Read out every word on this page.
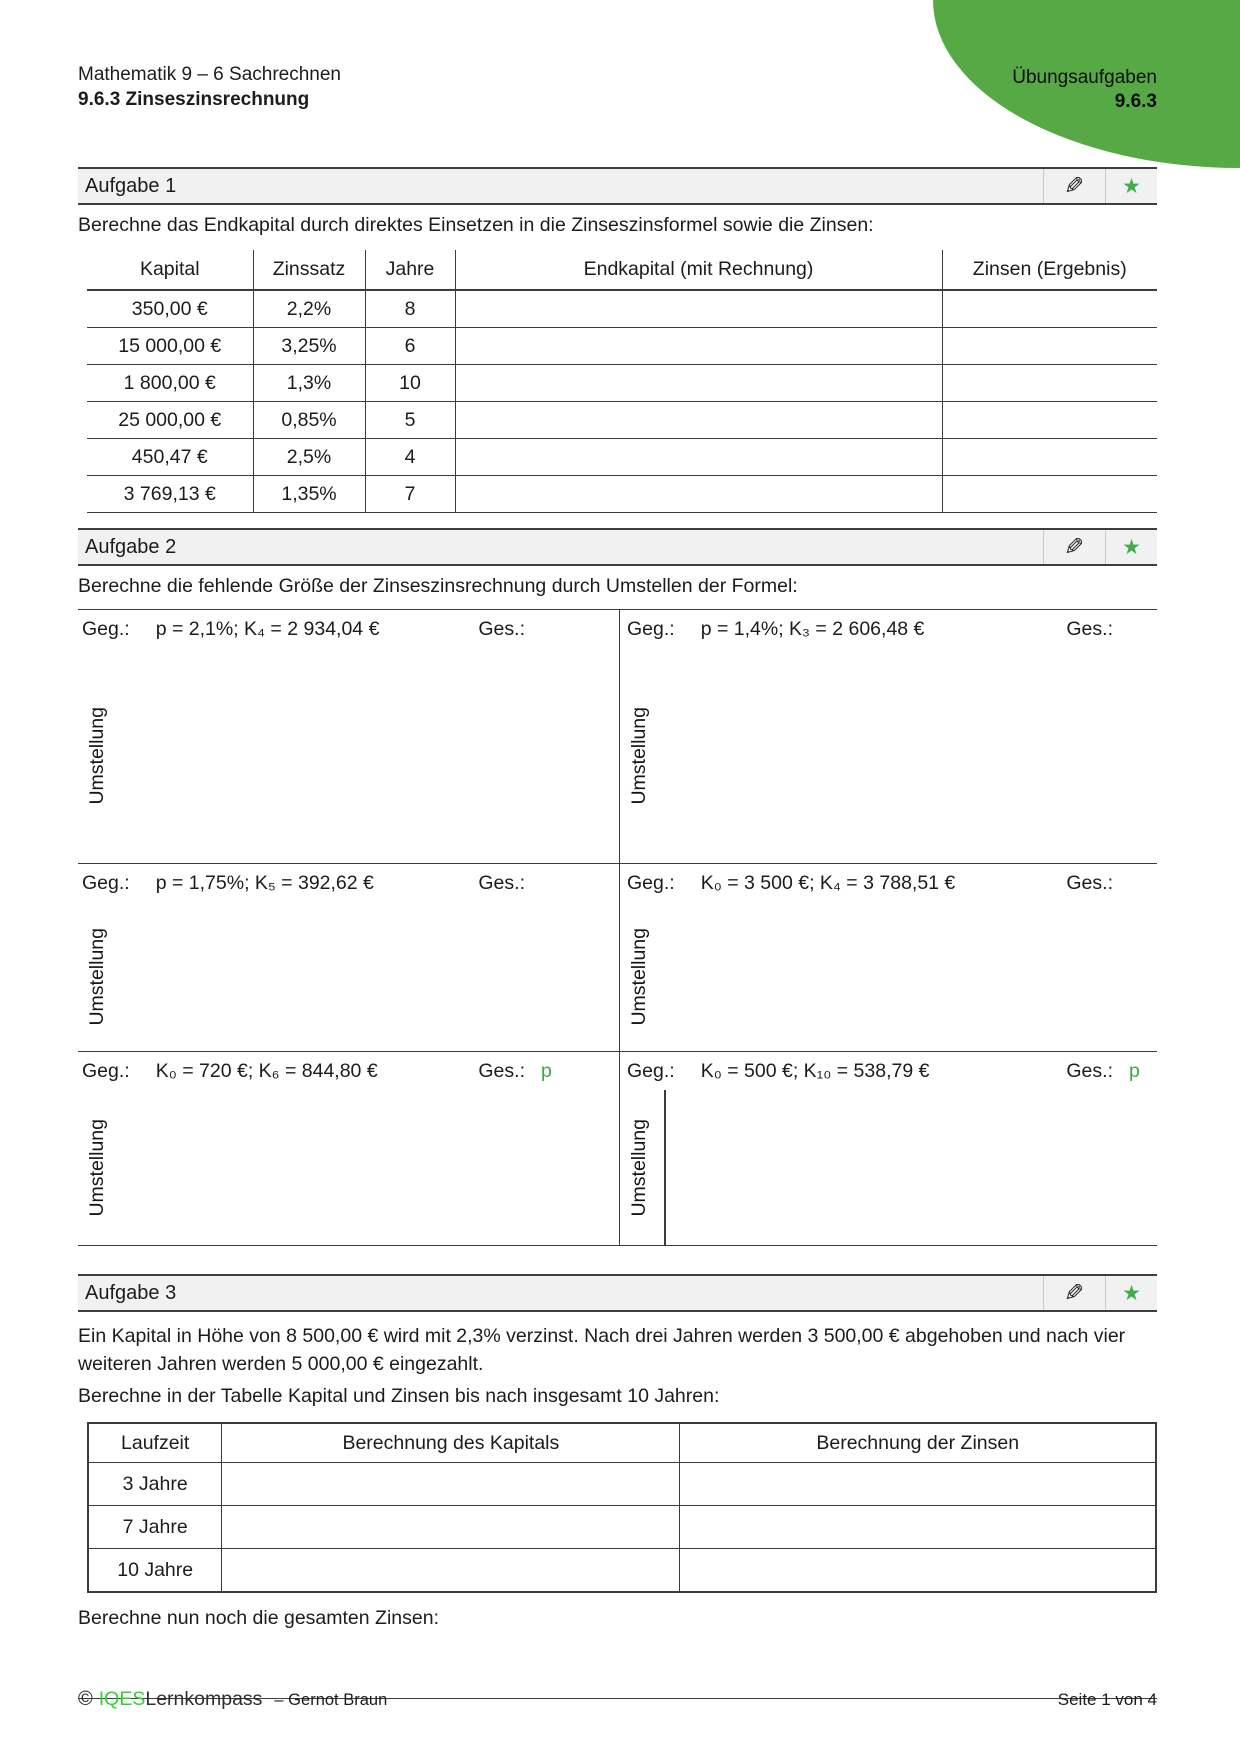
Übungsaufgaben
9.6.3
Mathematik 9 – 6 Sachrechnen
9.6.3 Zinseszinsrechnung
Aufgabe 1	✎ ★

Berechne das Endkapital durch direktes Einsetzen in die Zinseszinsformel sowie die Zinsen:

Kapital	Zinssatz	Jahre	Endkapital (mit Rechnung)	Zinsen (Ergebnis)
350,00 €	2,2%	8		
15 000,00 €	3,25%	6		
1 800,00 €	1,3%	10		
25 000,00 €	0,85%	5		
450,47 €	2,5%	4		
3 769,13 €	1,35%	7		
Aufgabe 2	✎ ★

Berechne die fehlende Größe der Zinseszinsrechnung durch Umstellen der Formel:

Geg.: p = 2,1%; K₄ = 2 934,04 €	Ges.:
Umstellung
Geg.: p = 1,4%; K₃ = 2 606,48 €	Ges.:
Umstellung
Geg.: p = 1,75%; K₅ = 392,62 €	Ges.:
Umstellung
Geg.: K₀ = 3 500 €; K₄ = 3 788,51 €	Ges.:
Umstellung
Geg.: K₀ = 720 €; K₆ = 844,80 €	Ges.: p
Umstellung
Geg.: K₀ = 500 €; K₁₀ = 538,79 €	Ges.: p
Umstellung
Aufgabe 3	✎ ★

Ein Kapital in Höhe von 8 500,00 € wird mit 2,3% verzinst. Nach drei Jahren werden 3 500,00 € abgehoben und nach vier weiteren Jahren werden 5 000,00 € eingezahlt.

Berechne in der Tabelle Kapital und Zinsen bis nach insgesamt 10 Jahren:

Laufzeit	Berechnung des Kapitals	Berechnung der Zinsen
3 Jahre		
7 Jahre		
10 Jahre		

Berechne nun noch die gesamten Zinsen:

© IQES Lernkompass – Gernot Braun	Seite 1 von 4
